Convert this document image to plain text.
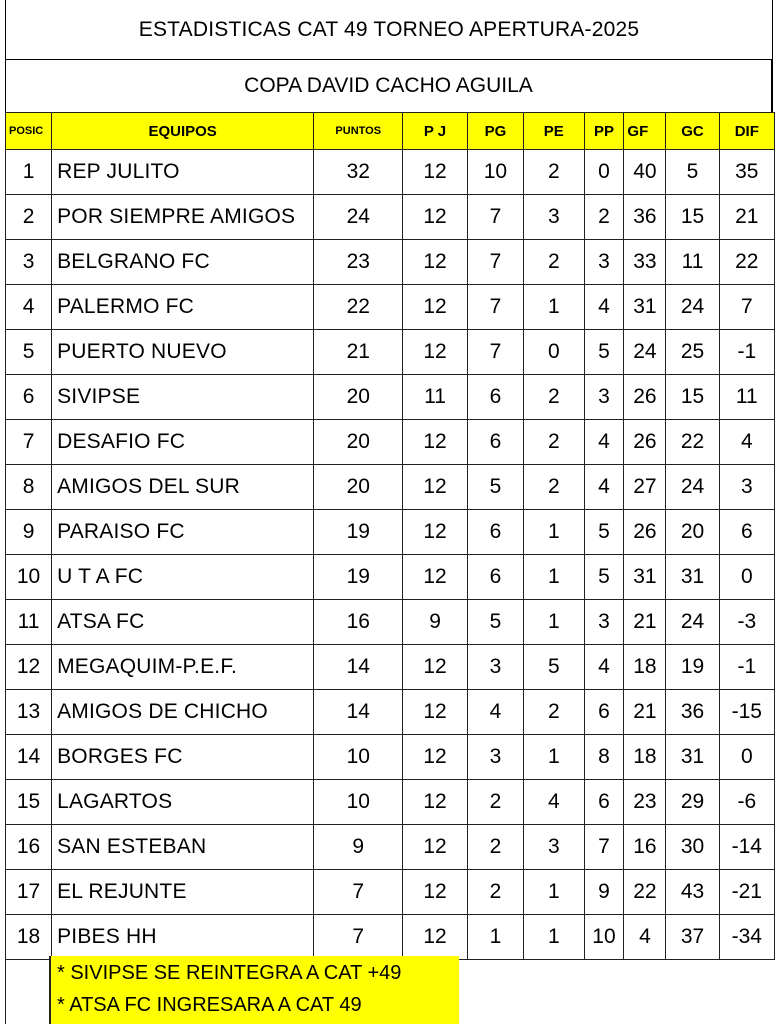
ESTADISTICAS CAT 49 TORNEO APERTURA-2025
COPA DAVID CACHO AGUILA
POSIC	EQUIPOS	PUNTOS	P J	PG	PE	PP	GF	GC	DIF
1	REP JULITO	32	12	10	2	0	40	5	35
2	POR SIEMPRE AMIGOS	24	12	7	3	2	36	15	21
3	BELGRANO FC	23	12	7	2	3	33	11	22
4	PALERMO FC	22	12	7	1	4	31	24	7
5	PUERTO NUEVO	21	12	7	0	5	24	25	-1
6	SIVIPSE	20	11	6	2	3	26	15	11
7	DESAFIO FC	20	12	6	2	4	26	22	4
8	AMIGOS DEL SUR	20	12	5	2	4	27	24	3
9	PARAISO FC	19	12	6	1	5	26	20	6
10	U T A FC	19	12	6	1	5	31	31	0
11	ATSA FC	16	9	5	1	3	21	24	-3
12	MEGAQUIM-P.E.F.	14	12	3	5	4	18	19	-1
13	AMIGOS DE CHICHO	14	12	4	2	6	21	36	-15
14	BORGES FC	10	12	3	1	8	18	31	0
15	LAGARTOS	10	12	2	4	6	23	29	-6
16	SAN ESTEBAN	9	12	2	3	7	16	30	-14
17	EL REJUNTE	7	12	2	1	9	22	43	-21
18	PIBES HH	7	12	1	1	10	4	37	-34
* SIVIPSE SE REINTEGRA A CAT +49
* ATSA FC INGRESARA A CAT 49
